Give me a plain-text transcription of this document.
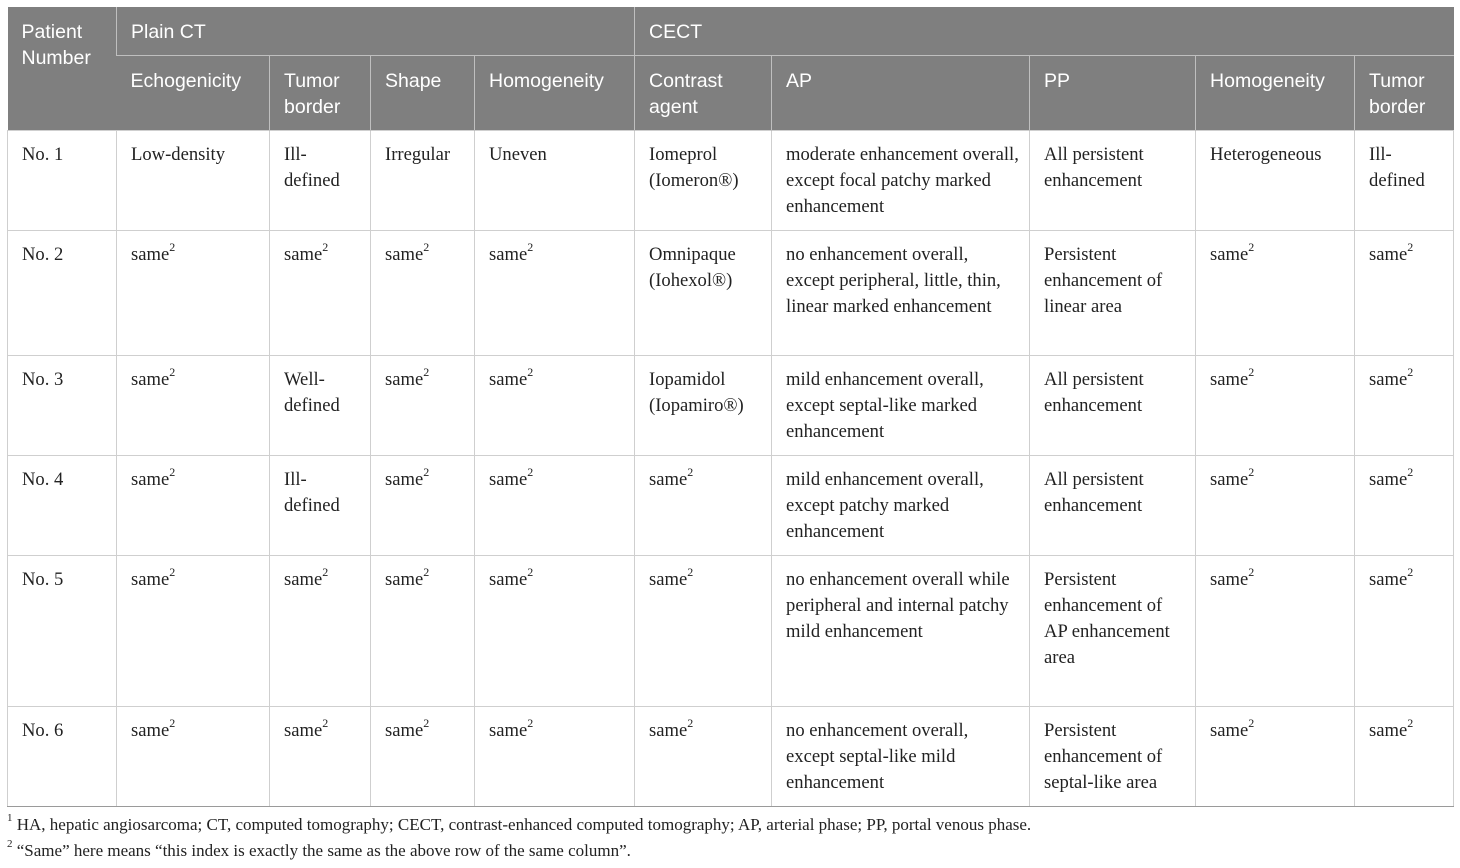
Patient Number	Plain CT				CECT				
	Echogenicity	Tumor border	Shape	Homogeneity	Contrast agent	AP	PP	Homogeneity	Tumor border
No. 1	Low-density	Ill-defined	Irregular	Uneven	Iomeprol (Iomeron®)	moderate enhancement overall, except focal patchy marked enhancement	All persistent enhancement	Heterogeneous	Ill-defined
No. 2	same$^2$	same$^2$	same$^2$	same$^2$	Omnipaque (Iohexol®)	no enhancement overall, except peripheral, little, thin, linear marked enhancement	Persistent enhancement of linear area	same$^2$	same$^2$
No. 3	same$^2$	Well-defined	same$^2$	same$^2$	Iopamidol (Iopamiro®)	mild enhancement overall, except septal-like marked enhancement	All persistent enhancement	same$^2$	same$^2$
No. 4	same$^2$	Ill-defined	same$^2$	same$^2$	same$^2$	mild enhancement overall, except patchy marked enhancement	All persistent enhancement	same$^2$	same$^2$
No. 5	same$^2$	same$^2$	same$^2$	same$^2$	same$^2$	no enhancement overall while peripheral and internal patchy mild enhancement	Persistent enhancement of AP enhancement area	same$^2$	same$^2$
No. 6	same$^2$	same$^2$	same$^2$	same$^2$	same$^2$	no enhancement overall, except septal-like mild enhancement	Persistent enhancement of septal-like area	same$^2$	same$^2$
$^1$ HA, hepatic angiosarcoma; CT, computed tomography; CECT, contrast-enhanced computed tomography; AP, arterial phase; PP, portal venous phase.
$^2$ “Same” here means “this index is exactly the same as the above row of the same column”.
